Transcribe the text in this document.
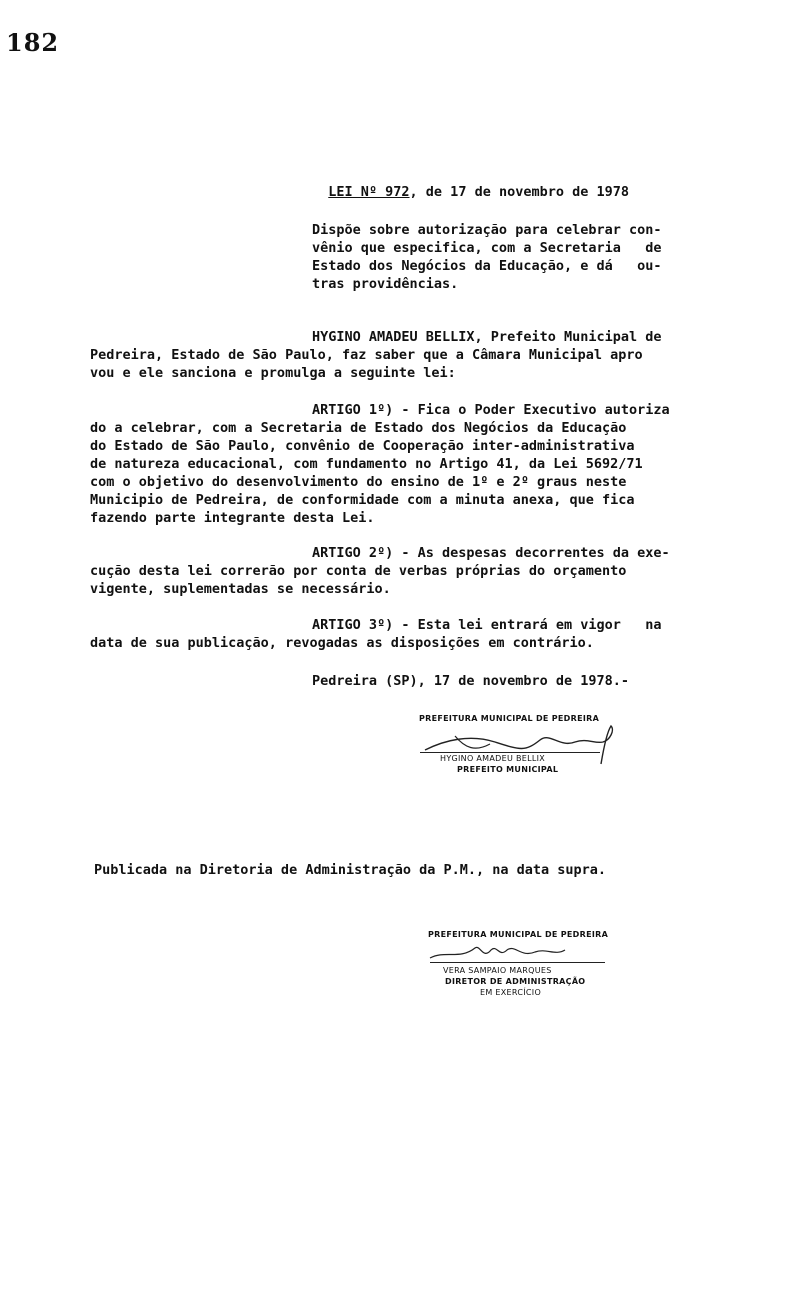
182

LEI Nº 972, de 17 de novembro de 1978

Dispõe sobre autorização para celebrar con-
vênio que especifica, com a Secretaria   de
Estado dos Negócios da Educação, e dá   ou-
tras providências.
HYGINO AMADEU BELLIX, Prefeito Municipal de
Pedreira, Estado de São Paulo, faz saber que a Câmara Municipal apro
vou e ele sanciona e promulga a seguinte lei:
ARTIGO 1º) - Fica o Poder Executivo autoriza
do a celebrar, com a Secretaria de Estado dos Negócios da Educação
do Estado de São Paulo, convênio de Cooperação inter-administrativa
de natureza educacional, com fundamento no Artigo 41, da Lei 5692/71
com o objetivo do desenvolvimento do ensino de 1º e 2º graus neste
Municipio de Pedreira, de conformidade com a minuta anexa, que fica
fazendo parte integrante desta Lei.
ARTIGO 2º) - As despesas decorrentes da exe-
cução desta lei correrão por conta de verbas próprias do orçamento
vigente, suplementadas se necessário.
ARTIGO 3º) - Esta lei entrará em vigor   na
data de sua publicação, revogadas as disposições em contrário.
Pedreira (SP), 17 de novembro de 1978.-
PREFEITURA MUNICIPAL DE PEDREIRA
HYGINO AMADEU BELLIX
PREFEITO MUNICIPAL
Publicada na Diretoria de Administração da P.M., na data supra.
PREFEITURA MUNICIPAL DE PEDREIRA
VERA SAMPAIO MARQUES
DIRETOR DE ADMINISTRAÇÃO
EM EXERCÍCIO
